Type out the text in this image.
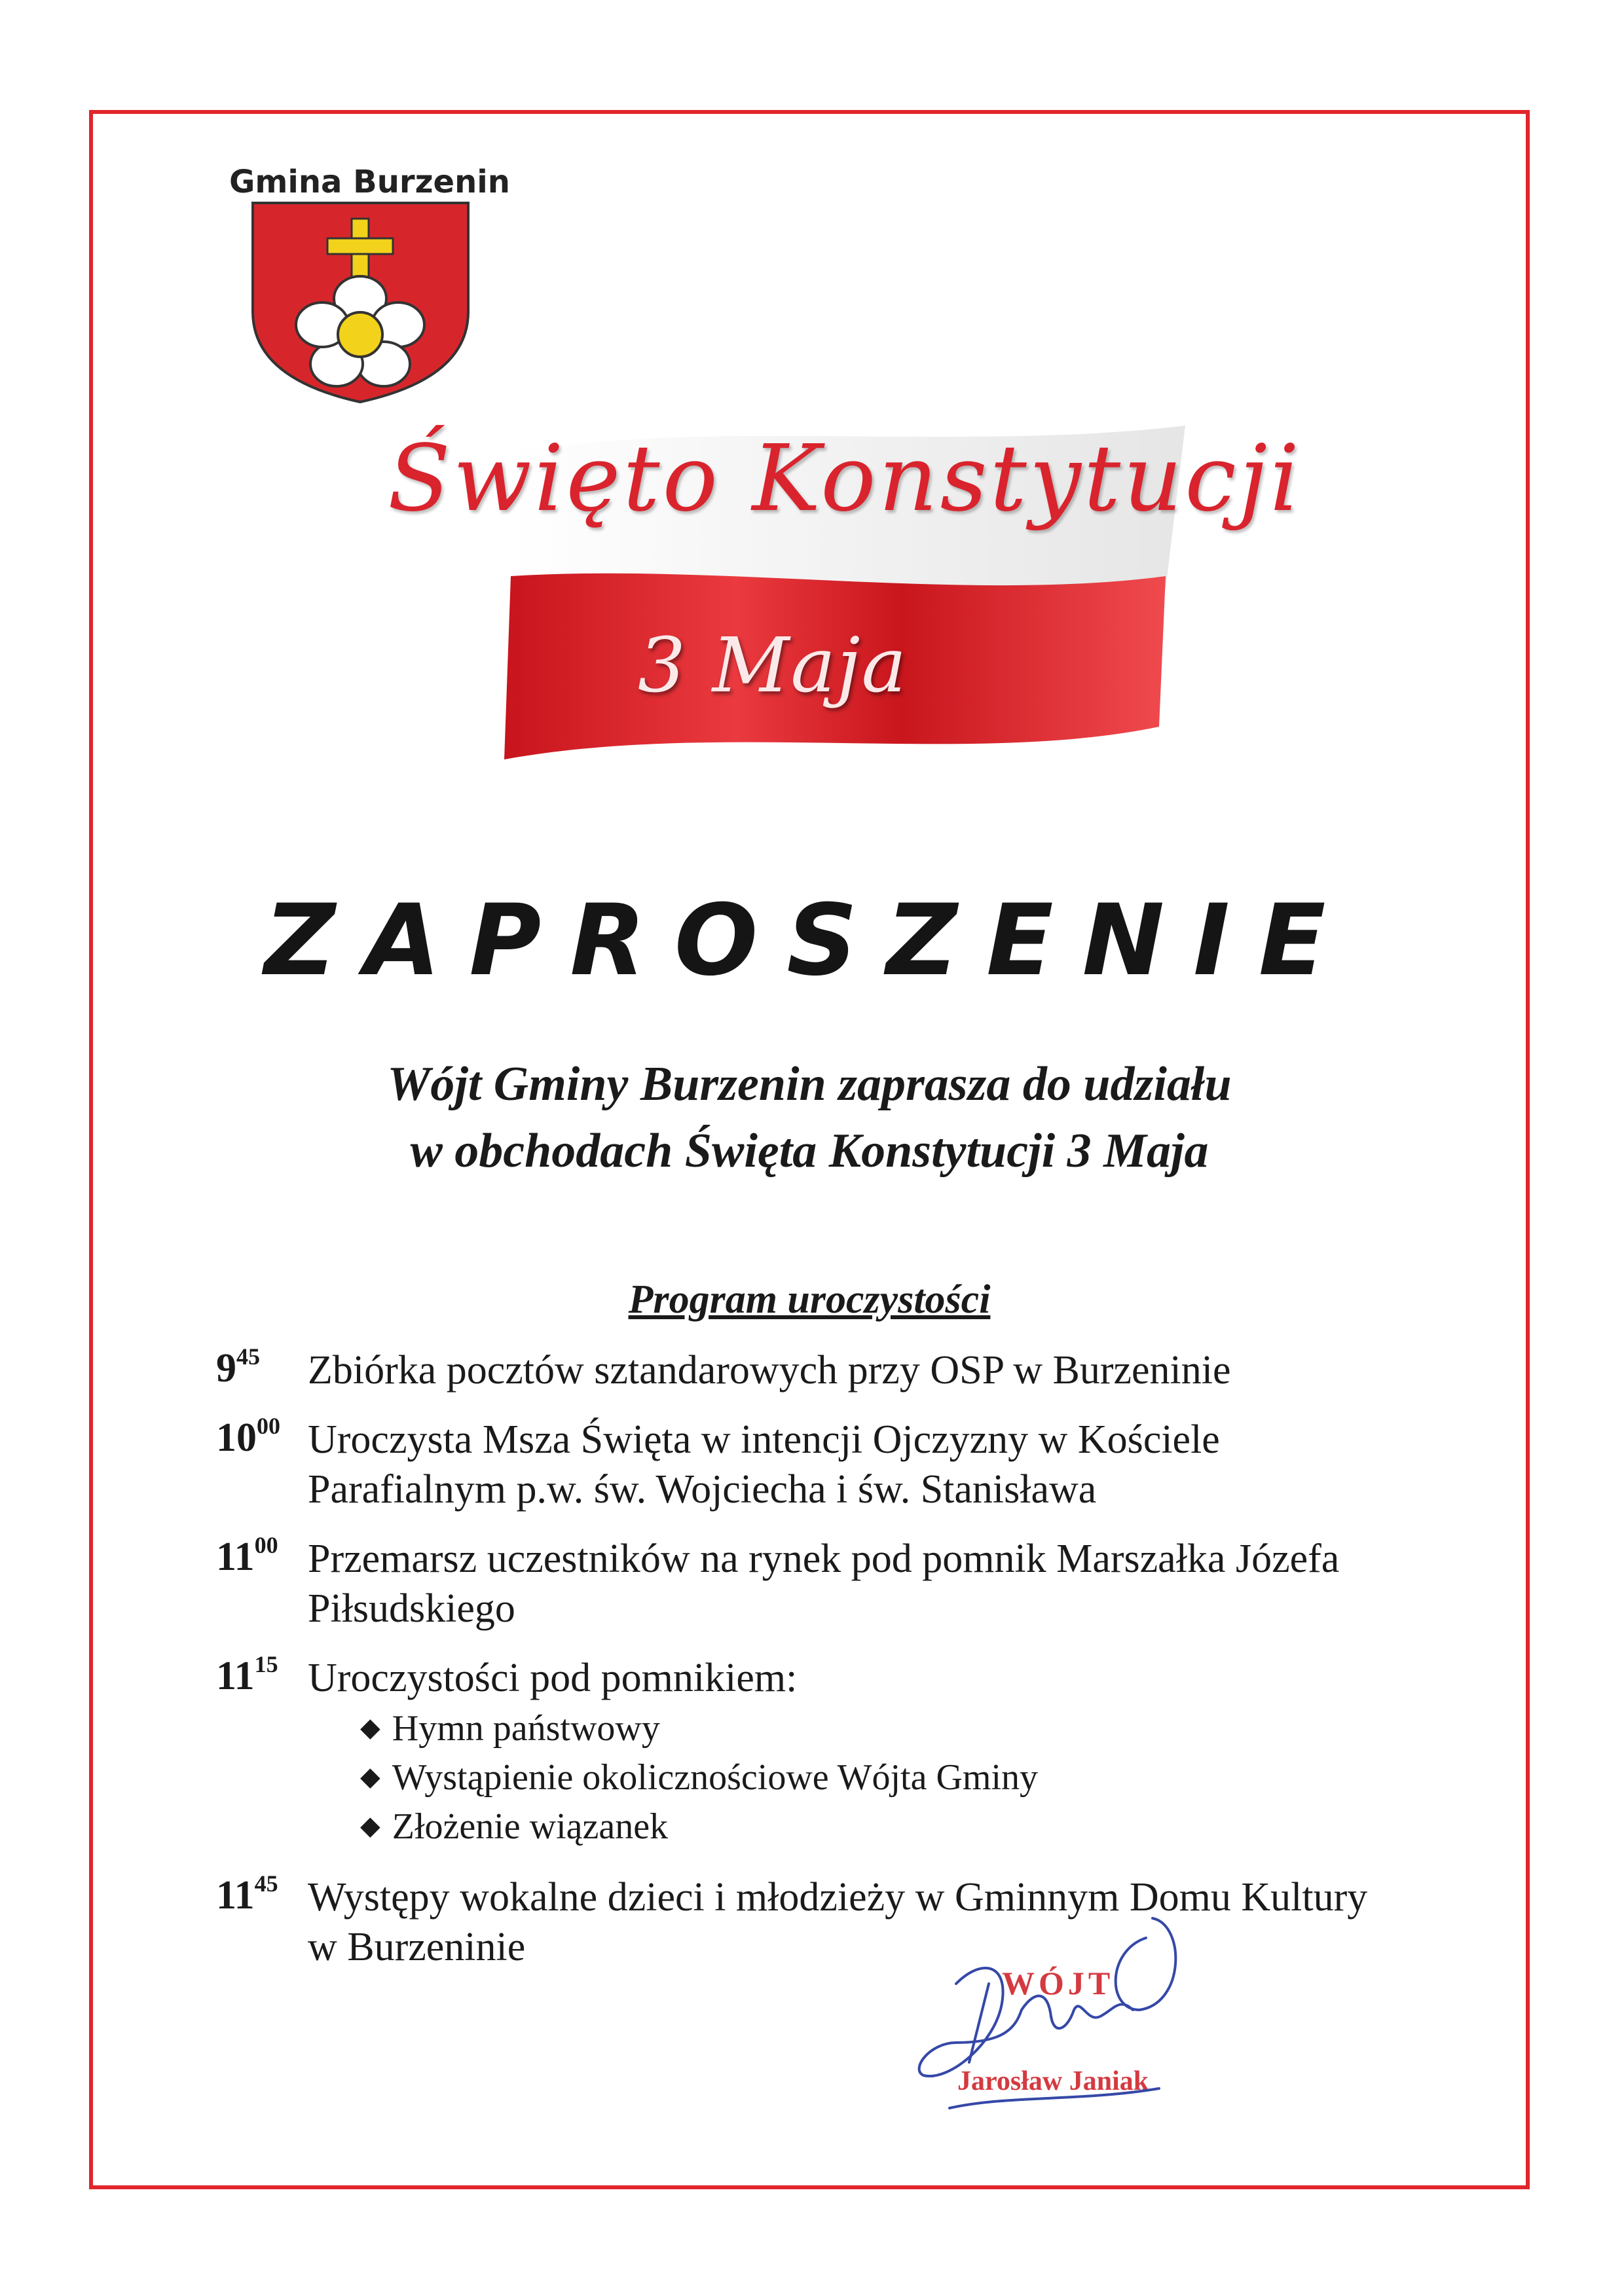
Gmina Burzenin
Święto Konstytucji
3 Maja
ZAPROSZENIE
Wójt Gminy Burzenin zaprasza do udziału
w obchodach Święta Konstytucji 3 Maja
Program uroczystości
$9^{45}$	Zbiórka pocztów sztandarowych przy OSP w Burzeninie
$10^{00}$ Uroczysta Msza Święta w intencji Ojczyzny w Kościele
Parafialnym p.w. św. Wojciecha i św. Stanisława
$11^{00}$ Przemarsz uczestników na rynek pod pomnik Marszałka Józefa
Piłsudskiego
$11^{15}$ Uroczystości pod pomnikiem:
◆ Hymn państwowy
◆ Wystąpienie okolicznościowe Wójta Gminy
◆ Złożenie wiązanek
$11^{45}$ Występy wokalne dzieci i młodzieży w Gminnym Domu Kultury
w Burzeninie
WÓJT
Jarosław Janiak
